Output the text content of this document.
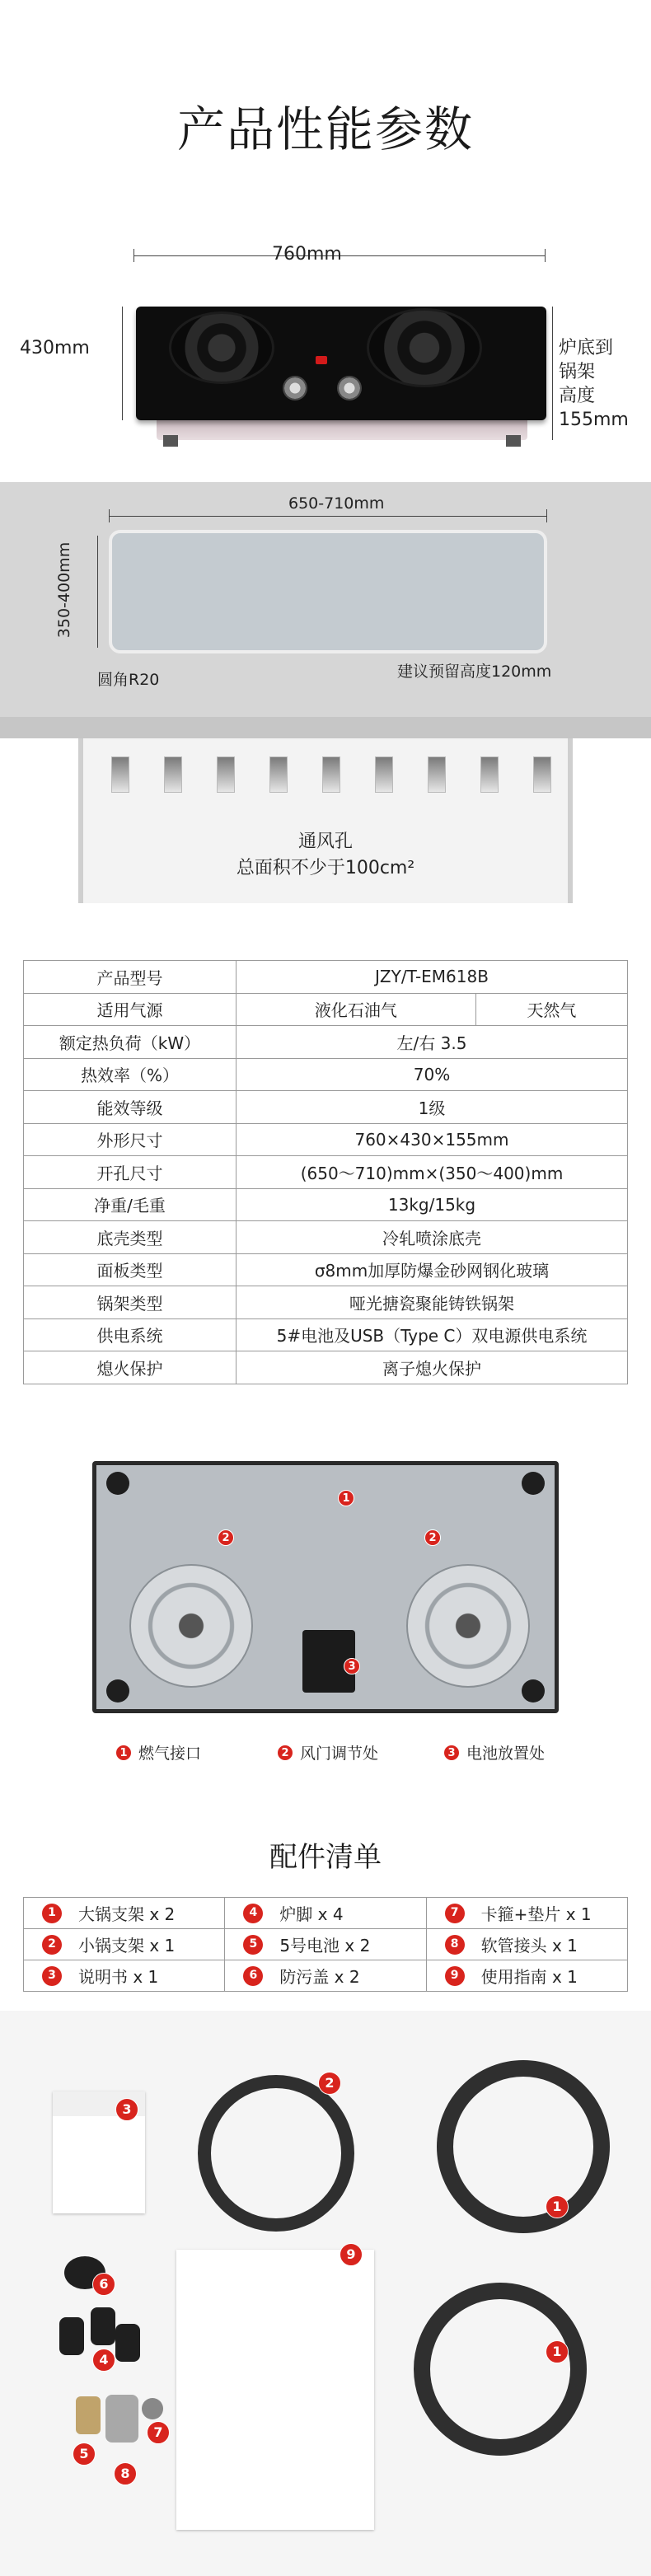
产品性能参数
760mm
430mm	炉底到
锅架
高度
155mm
650-710mm
350-400mm
圆角R20	建议预留高度120mm
通风孔
总面积不少于100cm²
产品型号	JZY/T-EM618B	
适用气源	液化石油气	天然气
额定热负荷（kW）	左/右 3.5	
热效率（%）	70%	
能效等级	1级	
外形尺寸	760×430×155mm	
开孔尺寸	(650～710)mm×(350～400)mm	
净重/毛重	13kg/15kg	
底壳类型	冷轧喷涂底壳	
面板类型	σ8mm加厚防爆金砂网钢化玻璃	
锅架类型	哑光搪瓷聚能铸铁锅架	
供电系统	5#电池及USB（Type C）双电源供电系统	
熄火保护	离子熄火保护	
1
2	2
3
1 燃气接口	2 风门调节处	3 电池放置处
配件清单
1 大锅支架 x 2	4 炉脚 x 4	7 卡箍+垫片 x 1

2 小锅支架 x 1	5 5号电池 x 2	8 软管接头 x 1

3 说明书 x 1	6 防污盖 x 2	9 使用指南 x 1
3
2
1
6
4
9
1
5
7
8
